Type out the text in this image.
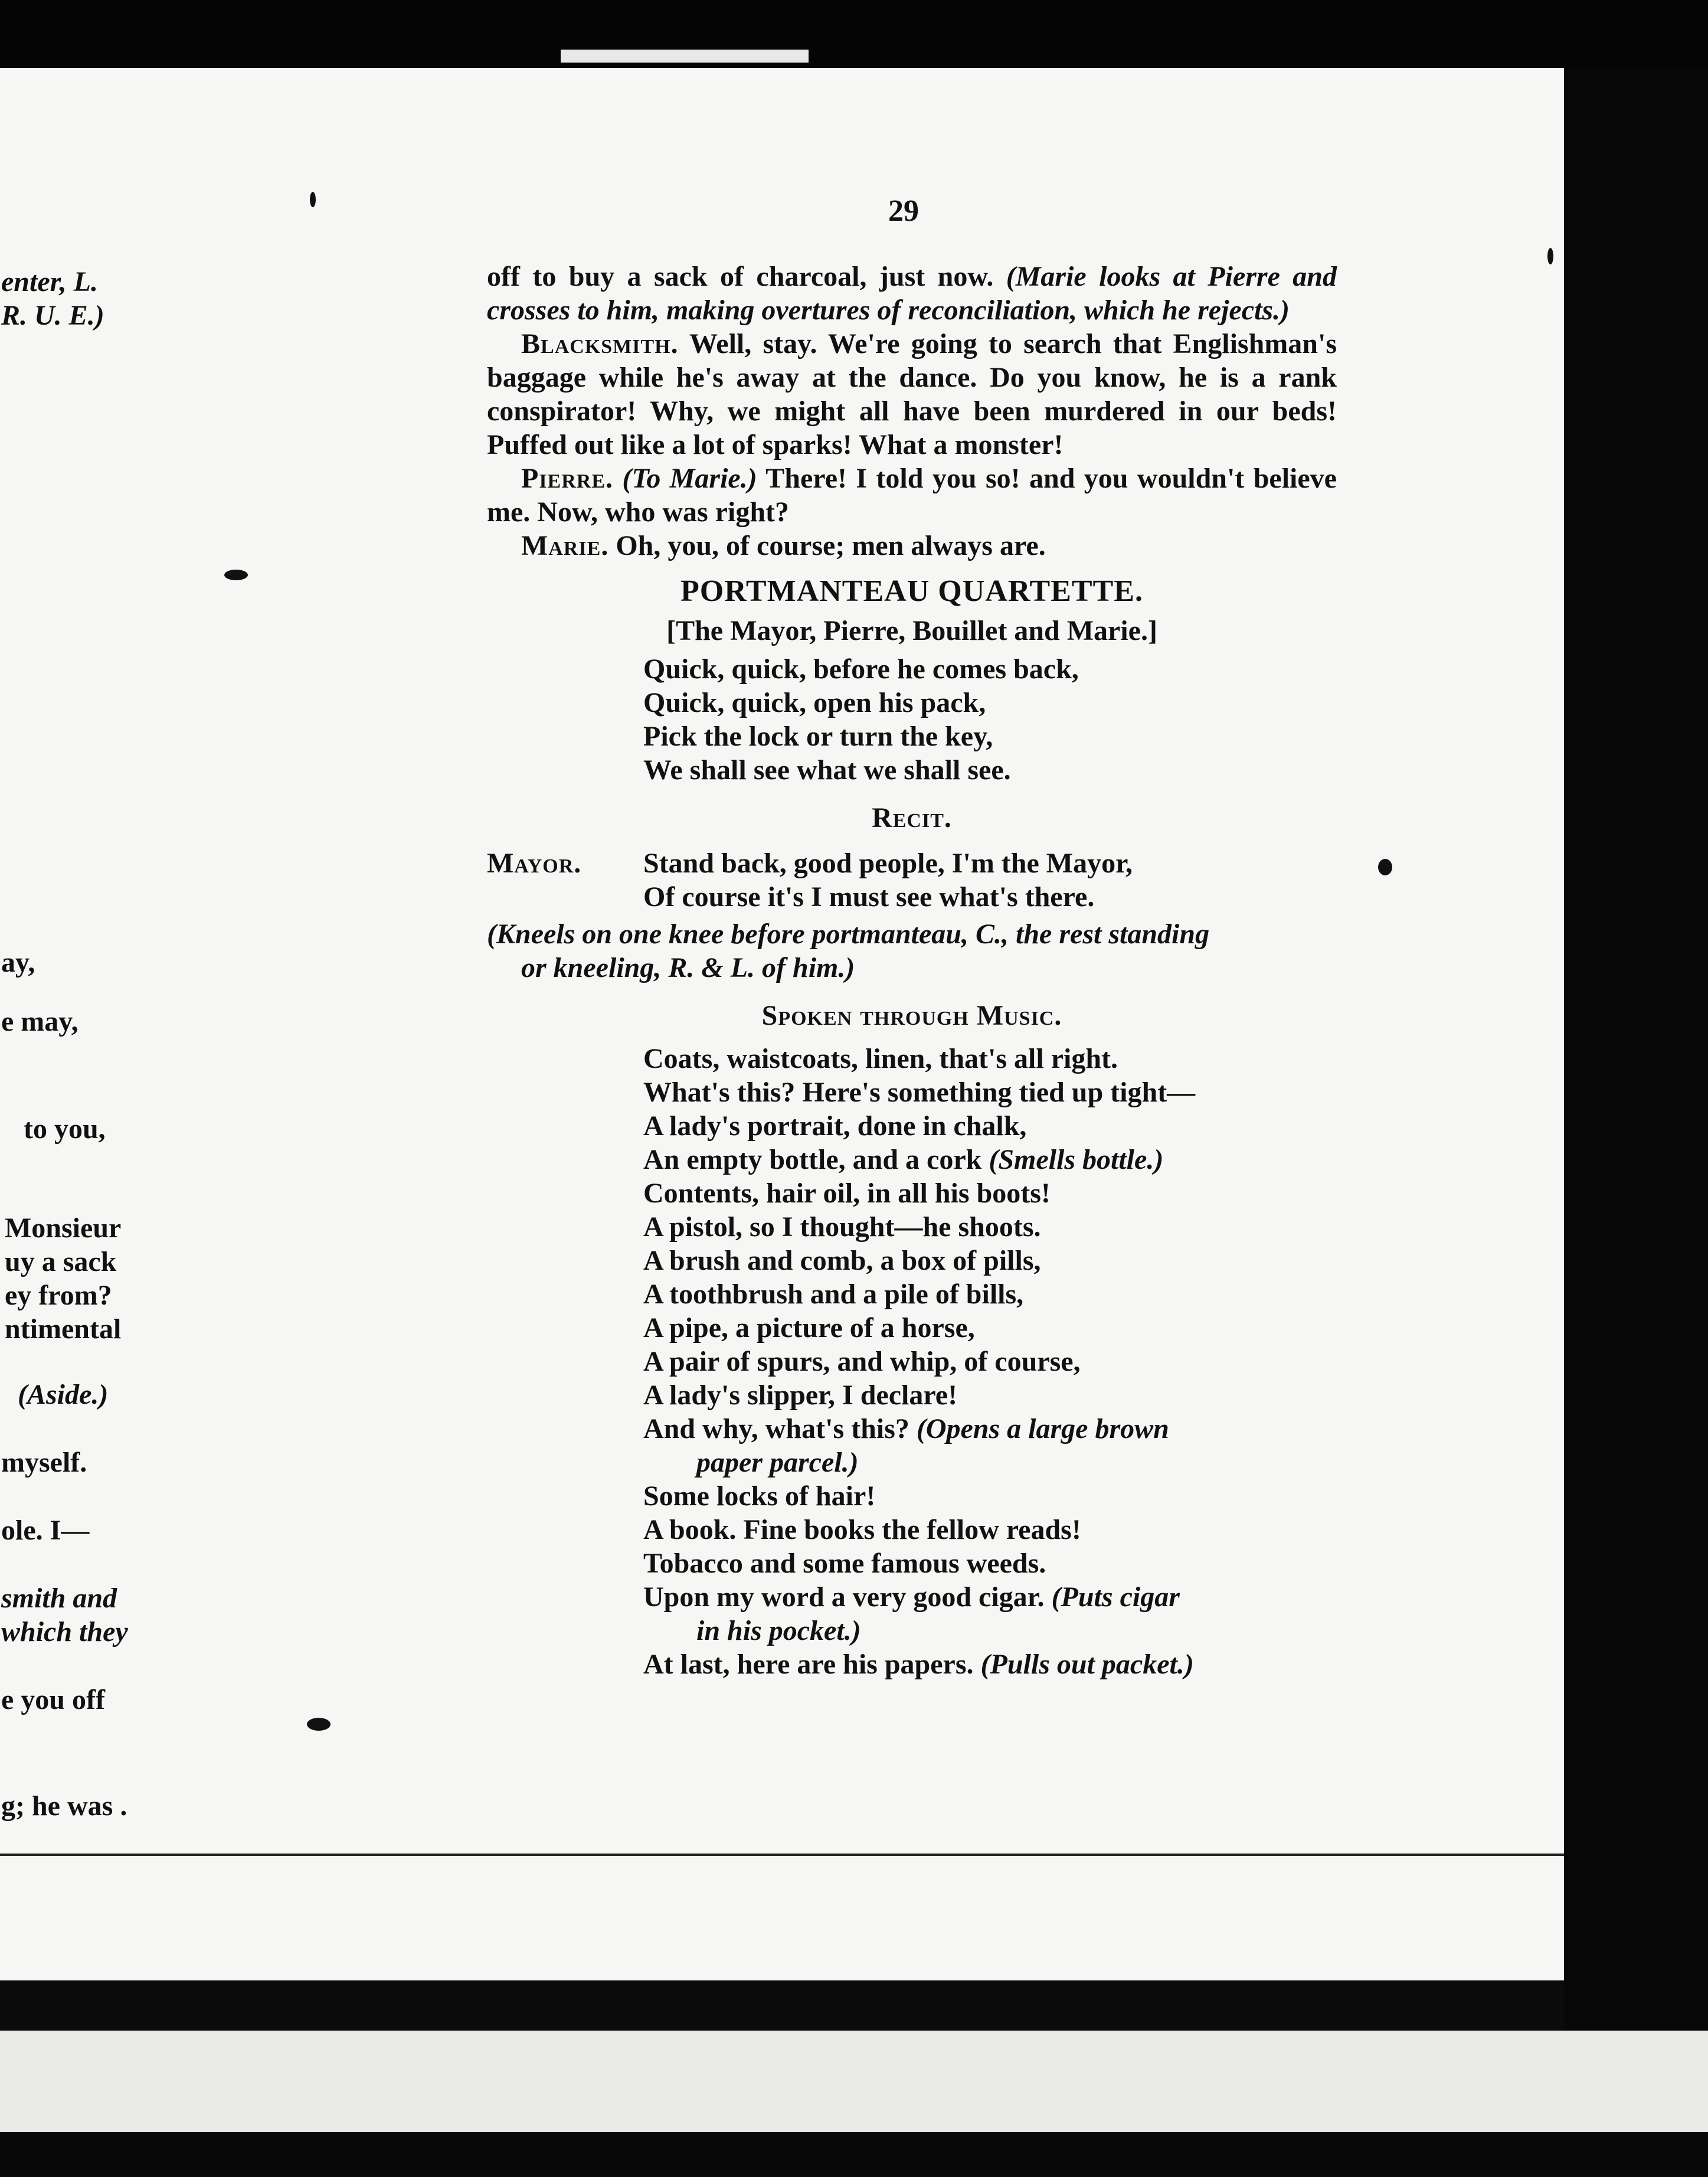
enter, L.
R. U. E.)
ay,
e may,
to you,
Monsieur
uy a sack
ey from?
ntimental
(Aside.)
myself.
ole. I—
smith and
which they
e you off
g; he was .
29

off to buy a sack of charcoal, just now. (Marie looks at Pierre and crosses to him, making overtures of reconciliation, which he rejects.)

Blacksmith. Well, stay. We're going to search that Englishman's baggage while he's away at the dance. Do you know, he is a rank conspirator! Why, we might all have been murdered in our beds! Puffed out like a lot of sparks! What a monster!

Pierre. (To Marie.) There! I told you so! and you wouldn't believe me. Now, who was right?

Marie. Oh, you, of course; men always are.

PORTMANTEAU QUARTETTE.

[The Mayor, Pierre, Bouillet and Marie.]

Quick, quick, before he comes back,
Quick, quick, open his pack,
Pick the lock or turn the key,
We shall see what we shall see.

Recit.

Mayor.	Stand back, good people, I'm the Mayor,
Of course it's I must see what's there.

(Kneels on one knee before portmanteau, C., the rest standing
or kneeling, R. & L. of him.)

Spoken through Music.

Coats, waistcoats, linen, that's all right.
What's this? Here's something tied up tight—
A lady's portrait, done in chalk,
An empty bottle, and a cork (Smells bottle.)
Contents, hair oil, in all his boots!
A pistol, so I thought—he shoots.
A brush and comb, a box of pills,
A toothbrush and a pile of bills,
A pipe, a picture of a horse,
A pair of spurs, and whip, of course,
A lady's slipper, I declare!
And why, what's this? (Opens a large brown
paper parcel.)
Some locks of hair!
A book. Fine books the fellow reads!
Tobacco and some famous weeds.
Upon my word a very good cigar. (Puts cigar
in his pocket.)
At last, here are his papers. (Pulls out packet.)
